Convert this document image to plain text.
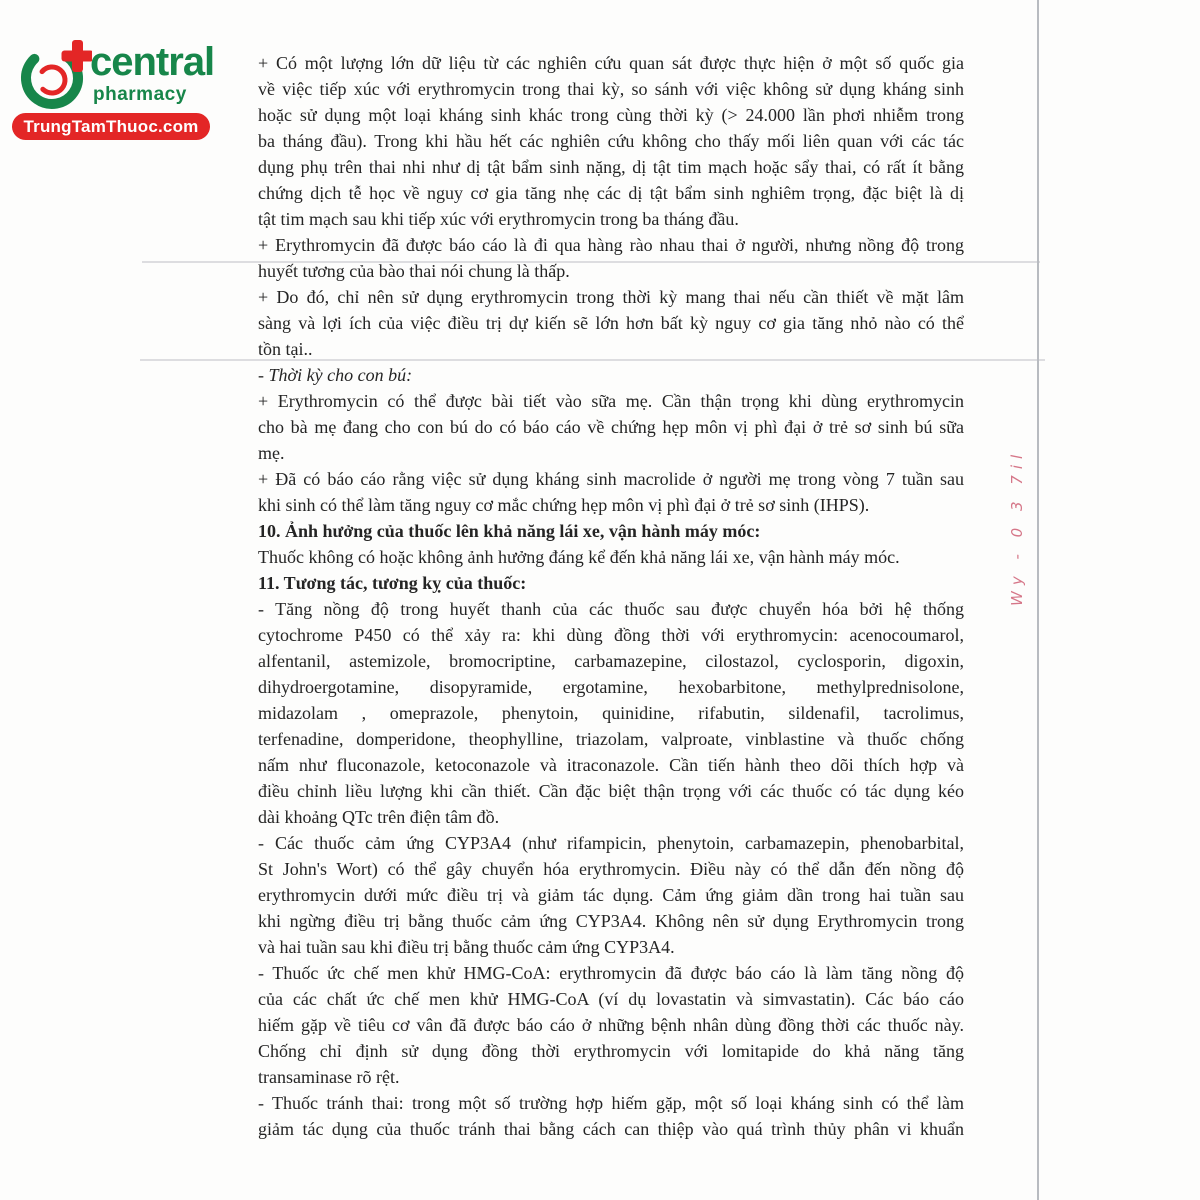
central
pharmacy
TrungTamThuoc.com
+ Có một lượng lớn dữ liệu từ các nghiên cứu quan sát được thực hiện ở một số quốc gia
về việc tiếp xúc với erythromycin trong thai kỳ, so sánh với việc không sử dụng kháng sinh
hoặc sử dụng một loại kháng sinh khác trong cùng thời kỳ (> 24.000 lần phơi nhiễm trong
ba tháng đầu). Trong khi hầu hết các nghiên cứu không cho thấy mối liên quan với các tác
dụng phụ trên thai nhi như dị tật bẩm sinh nặng, dị tật tim mạch hoặc sẩy thai, có rất ít bằng
chứng dịch tễ học về nguy cơ gia tăng nhẹ các dị tật bẩm sinh nghiêm trọng, đặc biệt là dị
tật tim mạch sau khi tiếp xúc với erythromycin trong ba tháng đầu.
+ Erythromycin đã được báo cáo là đi qua hàng rào nhau thai ở người, nhưng nồng độ trong
huyết tương của bào thai nói chung là thấp.
+ Do đó, chỉ nên sử dụng erythromycin trong thời kỳ mang thai nếu cần thiết về mặt lâm
sàng và lợi ích của việc điều trị dự kiến sẽ lớn hơn bất kỳ nguy cơ gia tăng nhỏ nào có thể
tồn tại..
- Thời kỳ cho con bú:
+ Erythromycin có thể được bài tiết vào sữa mẹ. Cần thận trọng khi dùng erythromycin
cho bà mẹ đang cho con bú do có báo cáo về chứng hẹp môn vị phì đại ở trẻ sơ sinh bú sữa
mẹ.
+ Đã có báo cáo rằng việc sử dụng kháng sinh macrolide ở người mẹ trong vòng 7 tuần sau
khi sinh có thể làm tăng nguy cơ mắc chứng hẹp môn vị phì đại ở trẻ sơ sinh (IHPS).
10. Ảnh hưởng của thuốc lên khả năng lái xe, vận hành máy móc:
Thuốc không có hoặc không ảnh hưởng đáng kể đến khả năng lái xe, vận hành máy móc.
11. Tương tác, tương kỵ của thuốc:
- Tăng nồng độ trong huyết thanh của các thuốc sau được chuyển hóa bởi hệ thống
cytochrome P450 có thể xảy ra: khi dùng đồng thời với erythromycin: acenocoumarol,
alfentanil, astemizole, bromocriptine, carbamazepine, cilostazol, cyclosporin, digoxin,
dihydroergotamine, disopyramide, ergotamine, hexobarbitone, methylprednisolone,
midazolam , omeprazole, phenytoin, quinidine, rifabutin, sildenafil, tacrolimus,
terfenadine, domperidone, theophylline, triazolam, valproate, vinblastine và thuốc chống
nấm như fluconazole, ketoconazole và itraconazole. Cần tiến hành theo dõi thích hợp và
điều chỉnh liều lượng khi cần thiết. Cần đặc biệt thận trọng với các thuốc có tác dụng kéo
dài khoảng QTc trên điện tâm đồ.
- Các thuốc cảm ứng CYP3A4 (như rifampicin, phenytoin, carbamazepin, phenobarbital,
St John's Wort) có thể gây chuyển hóa erythromycin. Điều này có thể dẫn đến nồng độ
erythromycin dưới mức điều trị và giảm tác dụng. Cảm ứng giảm dần trong hai tuần sau
khi ngừng điều trị bằng thuốc cảm ứng CYP3A4. Không nên sử dụng Erythromycin trong
và hai tuần sau khi điều trị bằng thuốc cảm ứng CYP3A4.
- Thuốc ức chế men khử HMG-CoA: erythromycin đã được báo cáo là làm tăng nồng độ
của các chất ức chế men khử HMG-CoA (ví dụ lovastatin và simvastatin). Các báo cáo
hiếm gặp về tiêu cơ vân đã được báo cáo ở những bệnh nhân dùng đồng thời các thuốc này.
Chống chỉ định sử dụng đồng thời erythromycin với lomitapide do khả năng tăng
transaminase rõ rệt.
- Thuốc tránh thai: trong một số trường hợp hiếm gặp, một số loại kháng sinh có thể làm
giảm tác dụng của thuốc tránh thai bằng cách can thiệp vào quá trình thủy phân vi khuẩn
Wy - 0 3 7il
